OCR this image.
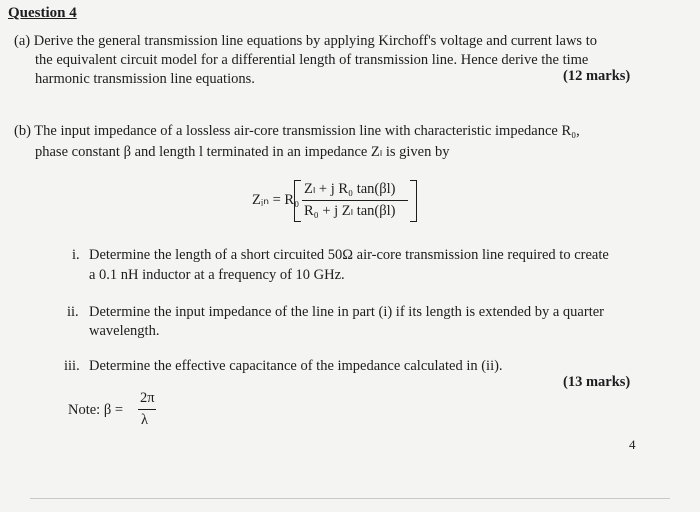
Question 4
(a) Derive the general transmission line equations by applying Kirchoff's voltage and current laws to
the equivalent circuit model for a differential length of transmission line. Hence derive the time
harmonic transmission line equations.	(12 marks)
(b) The input impedance of a lossless air-core transmission line with characteristic impedance R₀,
phase constant β and length l terminated in an impedance Zₗ is given by
Zᵢₙ = R₀
Zₗ + j R₀ tan(βl)
R₀ + j Zₗ tan(βl)
i. Determine the length of a short circuited 50Ω air-core transmission line required to create
a 0.1 nH inductor at a frequency of 10 GHz.
ii. Determine the input impedance of the line in part (i) if its length is extended by a quarter
wavelength.
iii. Determine the effective capacitance of the impedance calculated in (ii).
(13 marks)
Note: β =
2π
λ
4
